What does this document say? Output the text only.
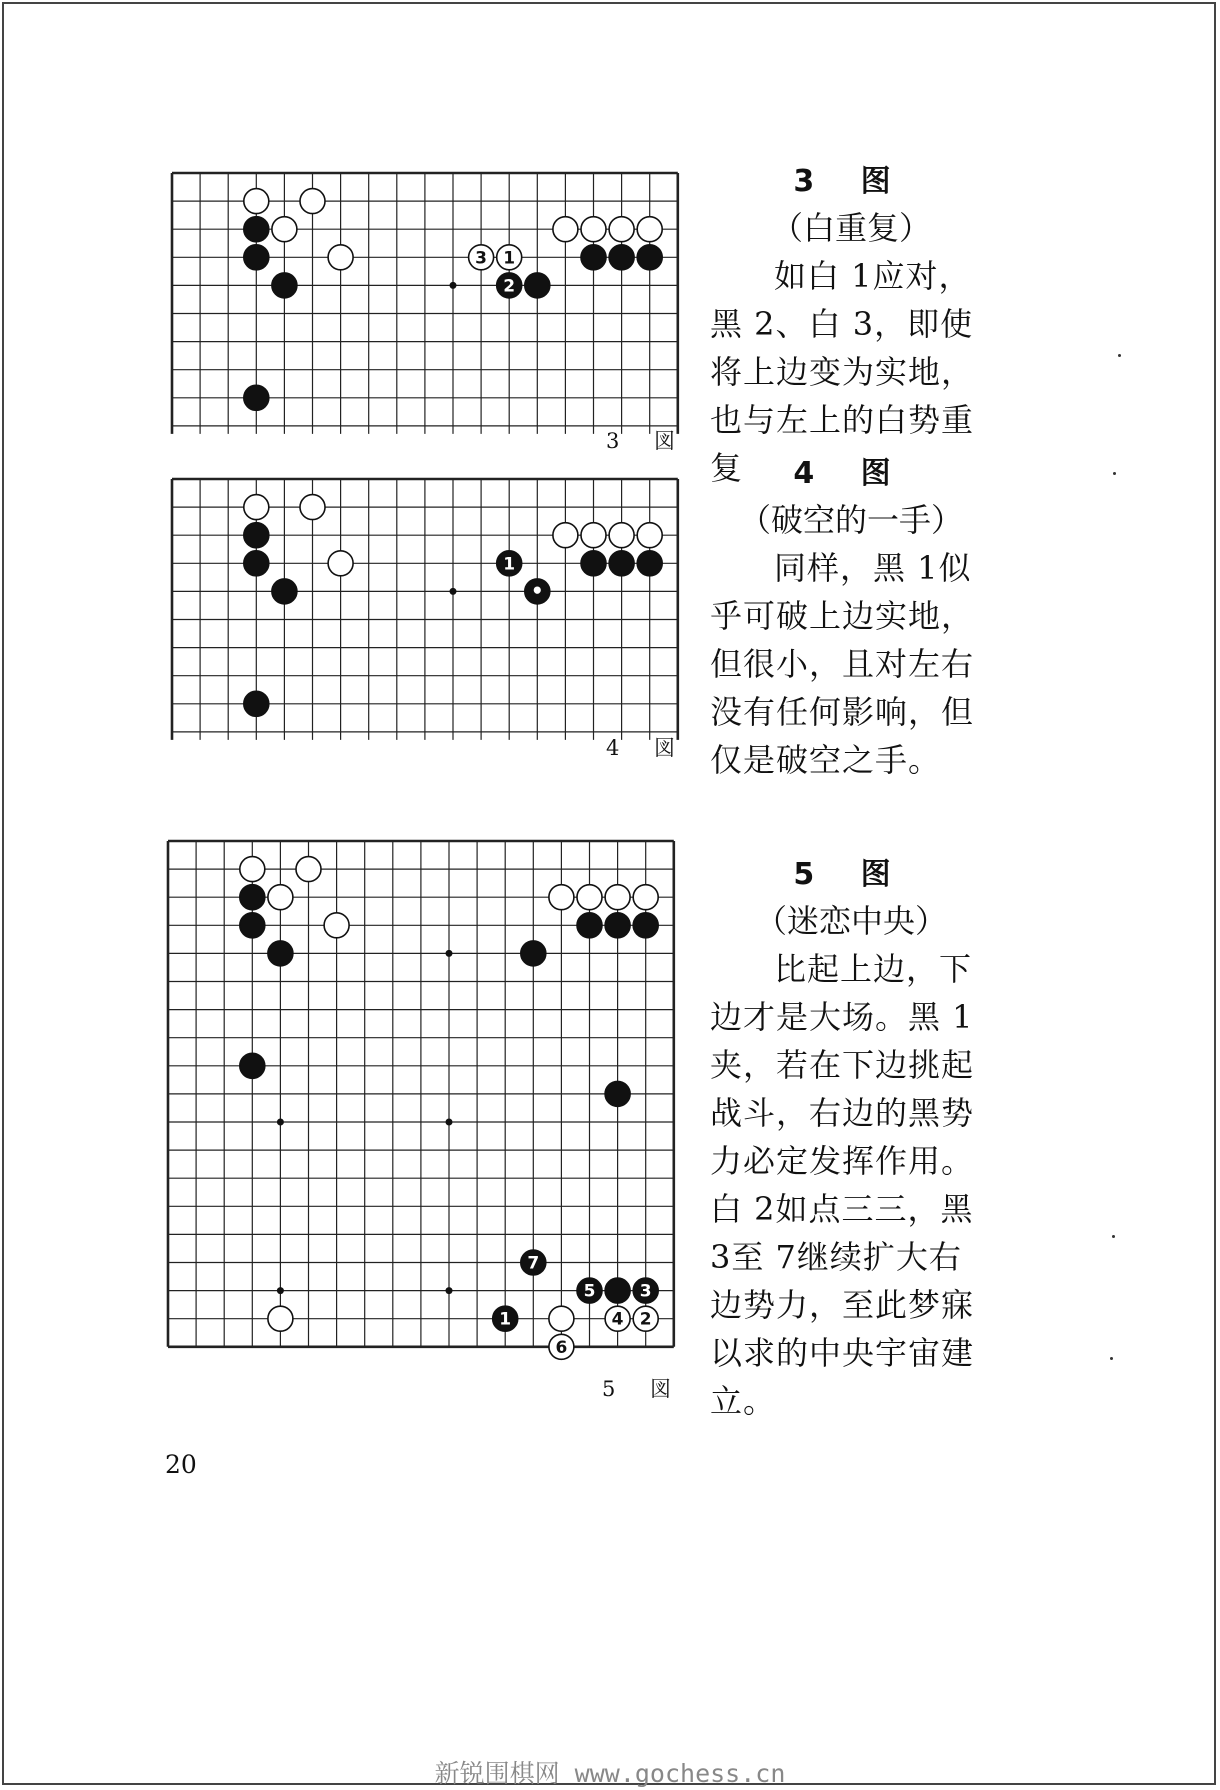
3 1
2
3 図
1
•
4 図
7
5	3
1	4 2
6
5 図
3 图
（白重复）
如白 1应对，黑 2、白 3，即使将上边变为实地，也与左上的白势重复	4 图
（破空的一手）
同样，黑 1似乎可破上边实地，但很小，且对左右没有任何影响，但仅是破空之手。
5 图
（迷恋中央）
比起上边，下边才是大场。黑 1夹，若在下边挑起战斗，右边的黑势力必定发挥作用。白 2如点三三，黑 3至 7继续扩大右边势力，至此梦寐以求的中央宇宙建立。
20
新锐围棋网 www.gochess.cn
